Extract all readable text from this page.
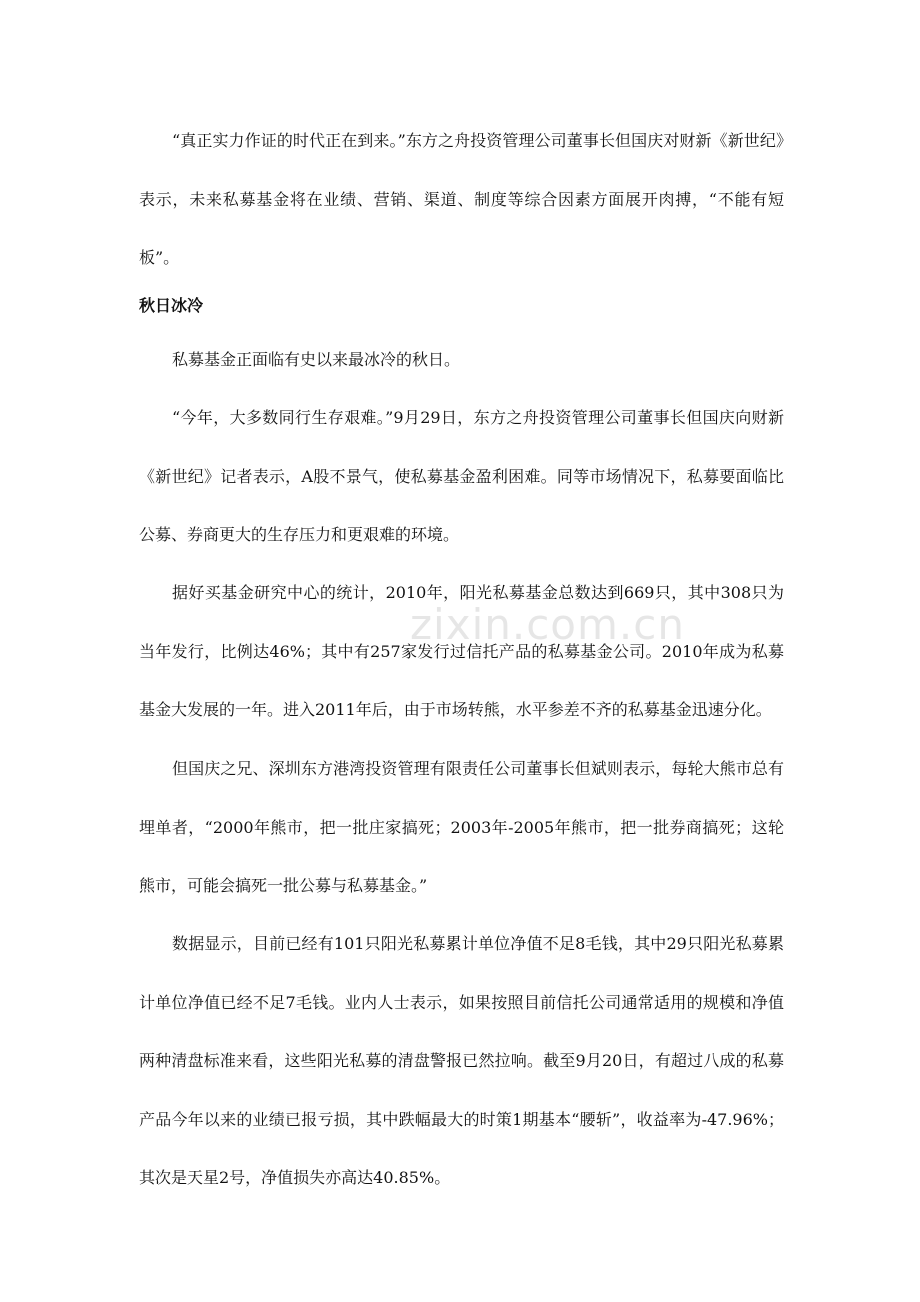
zixin.com.cn

“真正实力作证的时代正在到来。”东方之舟投资管理公司董事长但国庆对财新《新世纪》表示，未来私募基金将在业绩、营销、渠道、制度等综合因素方面展开肉搏，“不能有短板”。

秋日冰冷

私募基金正面临有史以来最冰冷的秋日。

“今年，大多数同行生存艰难。”9月29日，东方之舟投资管理公司董事长但国庆向财新《新世纪》记者表示，A股不景气，使私募基金盈利困难。同等市场情况下，私募要面临比公募、券商更大的生存压力和更艰难的环境。

据好买基金研究中心的统计，2010年，阳光私募基金总数达到669只，其中308只为当年发行，比例达46%；其中有257家发行过信托产品的私募基金公司。2010年成为私募基金大发展的一年。进入2011年后，由于市场转熊，水平参差不齐的私募基金迅速分化。

但国庆之兄、深圳东方港湾投资管理有限责任公司董事长但斌则表示，每轮大熊市总有埋单者，“2000年熊市，把一批庄家搞死；2003年-2005年熊市，把一批券商搞死；这轮熊市，可能会搞死一批公募与私募基金。”

数据显示，目前已经有101只阳光私募累计单位净值不足8毛钱，其中29只阳光私募累计单位净值已经不足7毛钱。业内人士表示，如果按照目前信托公司通常适用的规模和净值两种清盘标准来看，这些阳光私募的清盘警报已然拉响。截至9月20日，有超过八成的私募产品今年以来的业绩已报亏损，其中跌幅最大的时策1期基本“腰斩”，收益率为-47.96%；其次是天星2号，净值损失亦高达40.85%。
